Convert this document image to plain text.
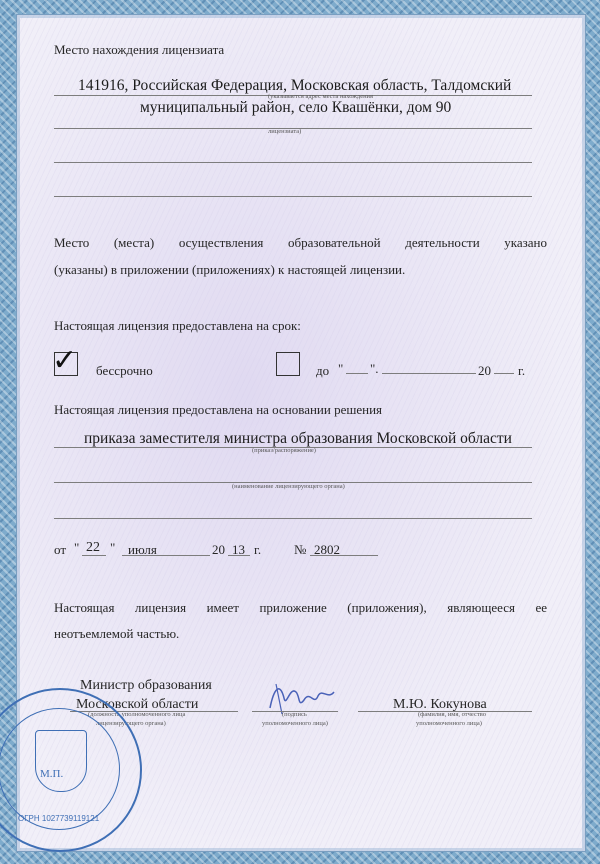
Место нахождения лицензиата
141916, Российская Федерация, Московская область, Талдомский
(указывается адрес места нахождения
муниципальный район, село Квашёнки, дом 90
лицензиата)
Место (места) осуществления образовательной деятельности указано
(указаны) в приложении (приложениях) к настоящей лицензии.
Настоящая лицензия предоставлена на срок:
✓ бессрочно	до " ".	20 г.
Настоящая лицензия предоставлена на основании решения
приказа заместителя министра образования Московской области
(приказ/распоряжение)
(наименование лицензирующего органа)
от " 22 " июля	20 13 г.	№ 2802
Настоящая лицензия имеет приложение (приложения), являющееся ее
неотъемлемой частью.
Министр образования
Московской области
(должность уполномоченного лица
лицензирующего органа)
(подпись
уполномоченного лица)
М.Ю. Кокунова
(фамилия, имя, отчество
уполномоченного лица)
М.П.
ОГРН 1027739119121
